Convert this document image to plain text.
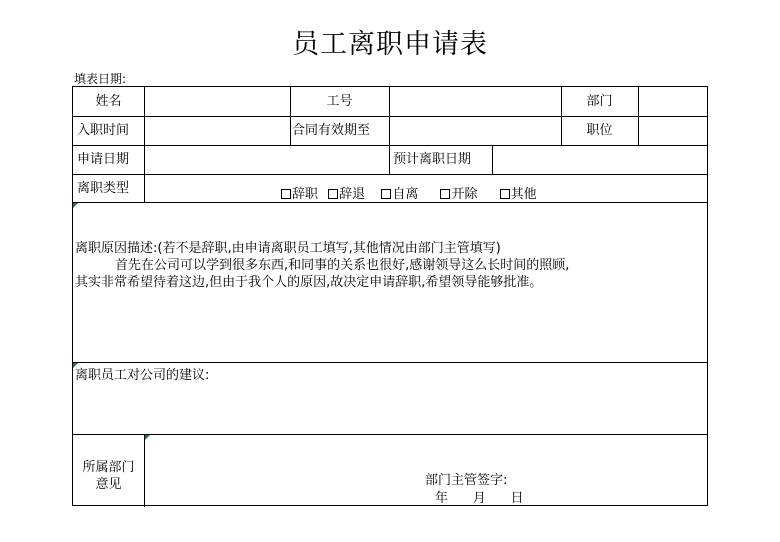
员工离职申请表
填表日期:
姓名	工号	部门
入职时间	合同有效期至	职位
申请日期	预计离职日期
离职类型	辞职 辞退 自离	开除	其他

离职原因描述:(若不是辞职,由申请离职员工填写,其他情况由部门主管填写)

首先在公司可以学到很多东西,和同事的关系也很好,感谢领导这么长时间的照顾,

其实非常希望待着这边,但由于我个人的原因,故决定申请辞职,希望领导能够批准。

离职员工对公司的建议:
所属部门
意见	部门主管签字:
年      月      日
